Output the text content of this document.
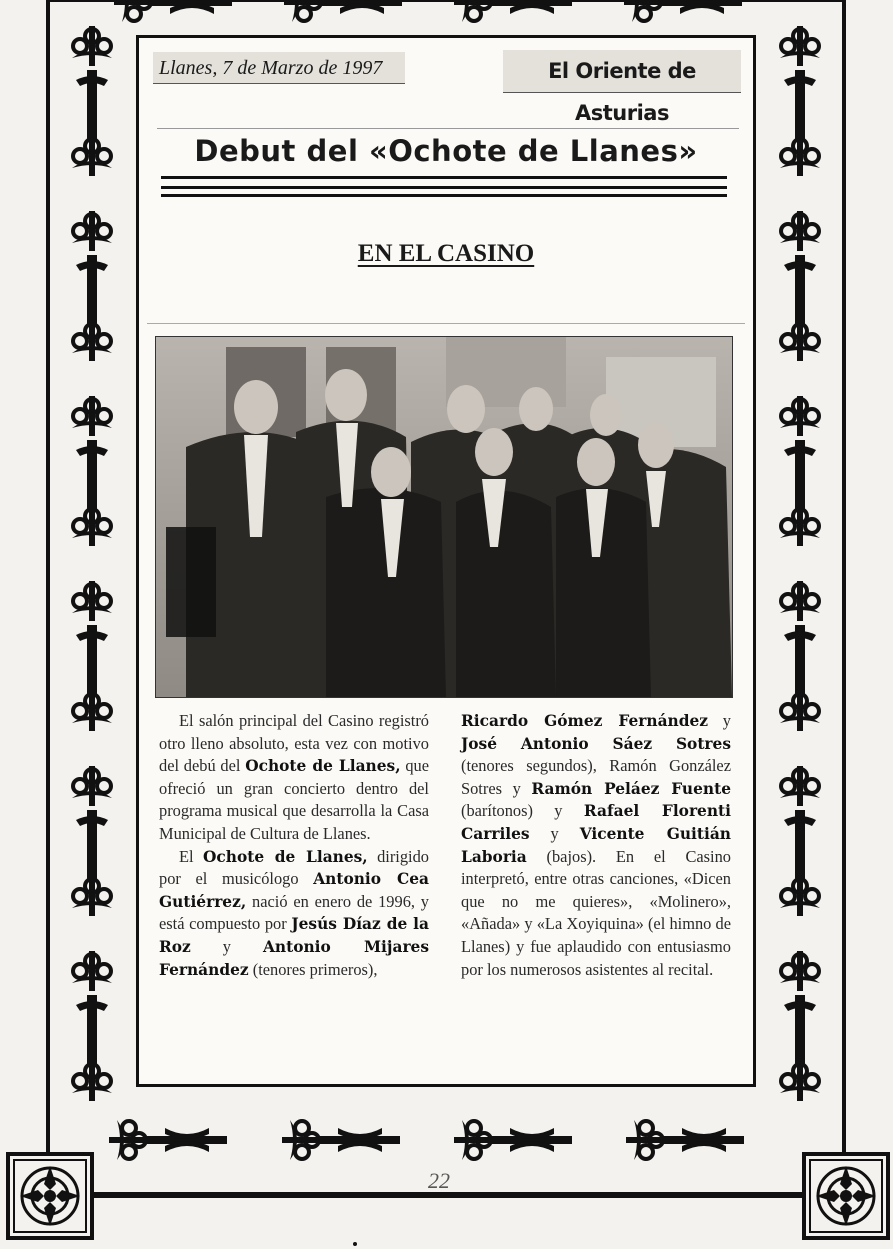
Llanes, 7 de Marzo de 1997	El Oriente de Asturias
Debut del «Ochote de Llanes»
EN EL CASINO

El salón principal del Casino registró otro lleno absoluto, esta vez con motivo del debú del Ochote de Llanes, que ofreció un gran concierto dentro del programa musical que desarrolla la Casa Municipal de Cultura de Llanes.

El Ochote de Llanes, dirigido por el musicólogo Antonio Cea Gutiérrez, nació en enero de 1996, y está compuesto por Jesús Díaz de la Roz y Antonio Mijares Fernández (tenores primeros),

Ricardo Gómez Fernández y José Antonio Sáez Sotres (tenores segundos), Ramón González Sotres y Ramón Peláez Fuente (barítonos) y Rafael Florenti Carriles y Vicente Guitián Laboria (bajos). En el Casino interpretó, entre otras canciones, «Dicen que no me quieres», «Molinero», «Añada» y «La Xoyiquina» (el himno de Llanes) y fue aplaudido con entusiasmo por los numerosos asistentes al recital.

22
